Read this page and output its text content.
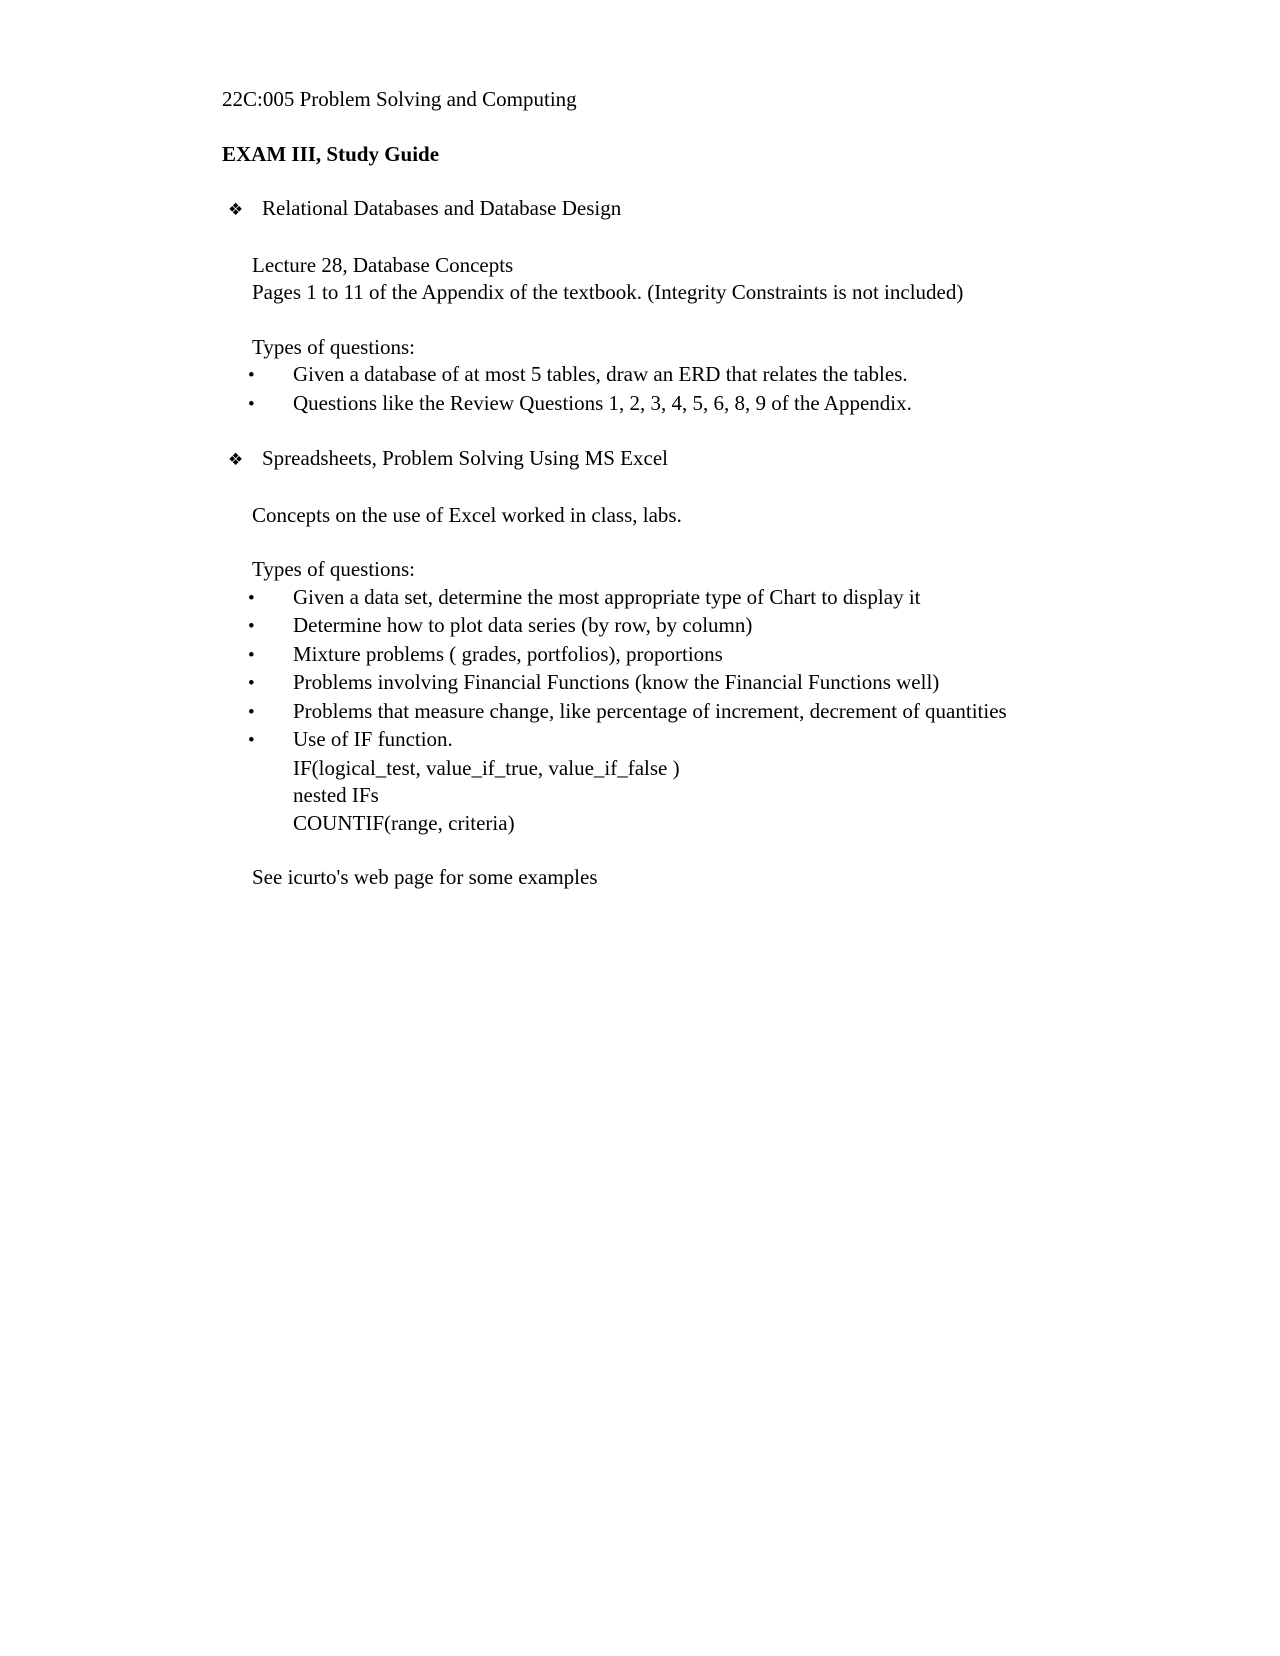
22C:005 Problem Solving and Computing
EXAM III, Study Guide
❖ Relational Databases and Database Design
Lecture 28, Database Concepts
Pages 1 to 11 of the Appendix of the textbook. (Integrity Constraints is not included)
Types of questions:
•	Given a database of at most 5 tables, draw an ERD that relates the tables.
•	Questions like the Review Questions 1, 2, 3, 4, 5, 6, 8, 9 of the Appendix.
❖ Spreadsheets, Problem Solving Using MS Excel
Concepts on the use of Excel worked in class, labs.
Types of questions:
•	Given a data set, determine the most appropriate type of Chart to display it
•	Determine how to plot data series (by row, by column)
•	Mixture problems ( grades, portfolios), proportions
•	Problems involving Financial Functions (know the Financial Functions well)
•	Problems that measure change, like percentage of increment, decrement of quantities
•	Use of IF function.
IF(logical_test, value_if_true, value_if_false )
nested IFs
COUNTIF(range, criteria)
See icurto's web page for some examples
